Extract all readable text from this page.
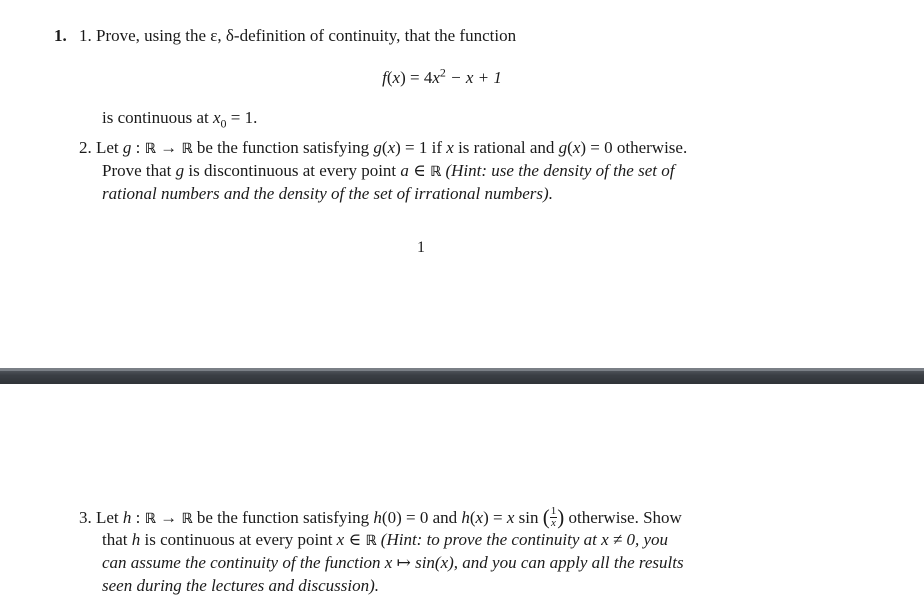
1. 1. Prove, using the ε, δ-definition of continuity, that the function
$f(x) = 4x^2 - x + 1$
is continuous at $x_0 = 1$.
2. Let g : ℝ → ℝ be the function satisfying g(x) = 1 if x is rational and g(x) = 0 otherwise.
Prove that g is discontinuous at every point a ∈ ℝ (Hint: use the density of the set of
rational numbers and the density of the set of irrational numbers).
1
3. Let h : ℝ → ℝ be the function satisfying h(0) = 0 and h(x) = x sin ( $\frac{1}{x}$ ) otherwise. Show
that h is continuous at every point x ∈ ℝ (Hint: to prove the continuity at x ≠ 0, you
can assume the continuity of the function x ↦ sin(x), and you can apply all the results
seen during the lectures and discussion).
